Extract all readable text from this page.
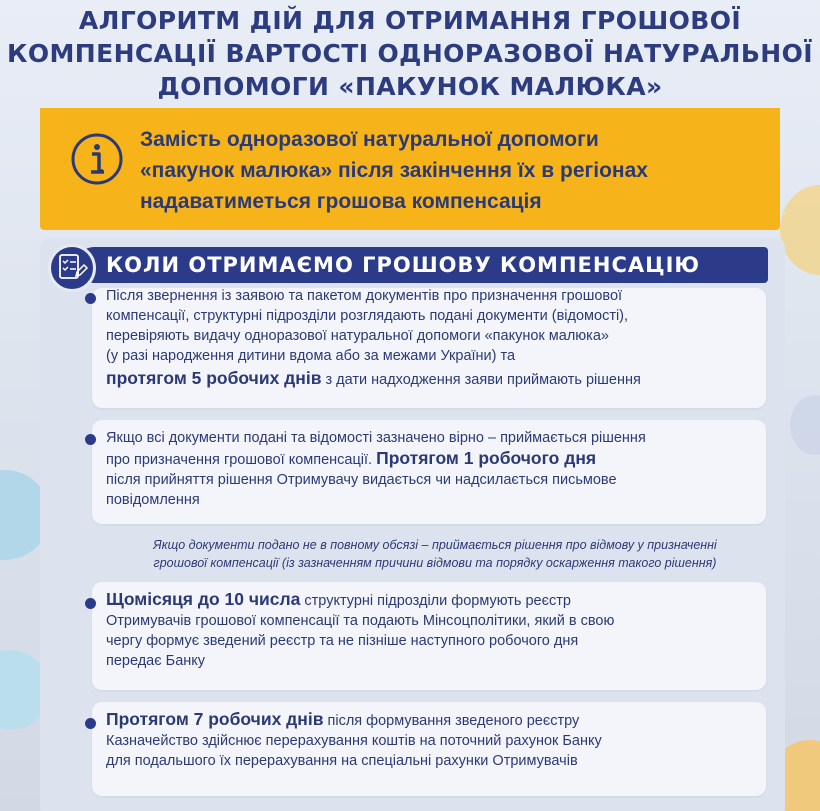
АЛГОРИТМ ДІЙ ДЛЯ ОТРИМАННЯ ГРОШОВОЇ
КОМПЕНСАЦІЇ ВАРТОСТІ ОДНОРАЗОВОЇ НАТУРАЛЬНОЇ
ДОПОМОГИ «ПАКУНОК МАЛЮКА»
Замість одноразової натуральної допомоги
«пакунок малюка» після закінчення їх в регіонах
надаватиметься грошова компенсація
КОЛИ ОТРИМАЄМО ГРОШОВУ КОМПЕНСАЦІЮ
Після звернення із заявою та пакетом документів про призначення грошової
компенсації, структурні підрозділи розглядають подані документи (відомості),
перевіряють видачу одноразової натуральної допомоги «пакунок малюка»
(у разі народження дитини вдома або за межами України) та
протягом 5 робочих днів з дати надходження заяви приймають рішення
Якщо всі документи подані та відомості зазначено вірно – приймається рішення
про призначення грошової компенсації. Протягом 1 робочого дня
після прийняття рішення Отримувачу видається чи надсилається письмове
повідомлення
Якщо документи подано не в повному обсязі – приймається рішення про відмову у призначенні
грошової компенсації (із зазначенням причини відмови та порядку оскарження такого рішення)
Щомісяця до 10 числа структурні підрозділи формують реєстр
Отримувачів грошової компенсації та подають Мінсоцполітики, який в свою
чергу формує зведений реєстр та не пізніше наступного робочого дня
передає Банку
Протягом 7 робочих днів після формування зведеного реєстру
Казначейство здійснює перерахування коштів на поточний рахунок Банку
для подальшого їх перерахування на спеціальні рахунки Отримувачів
